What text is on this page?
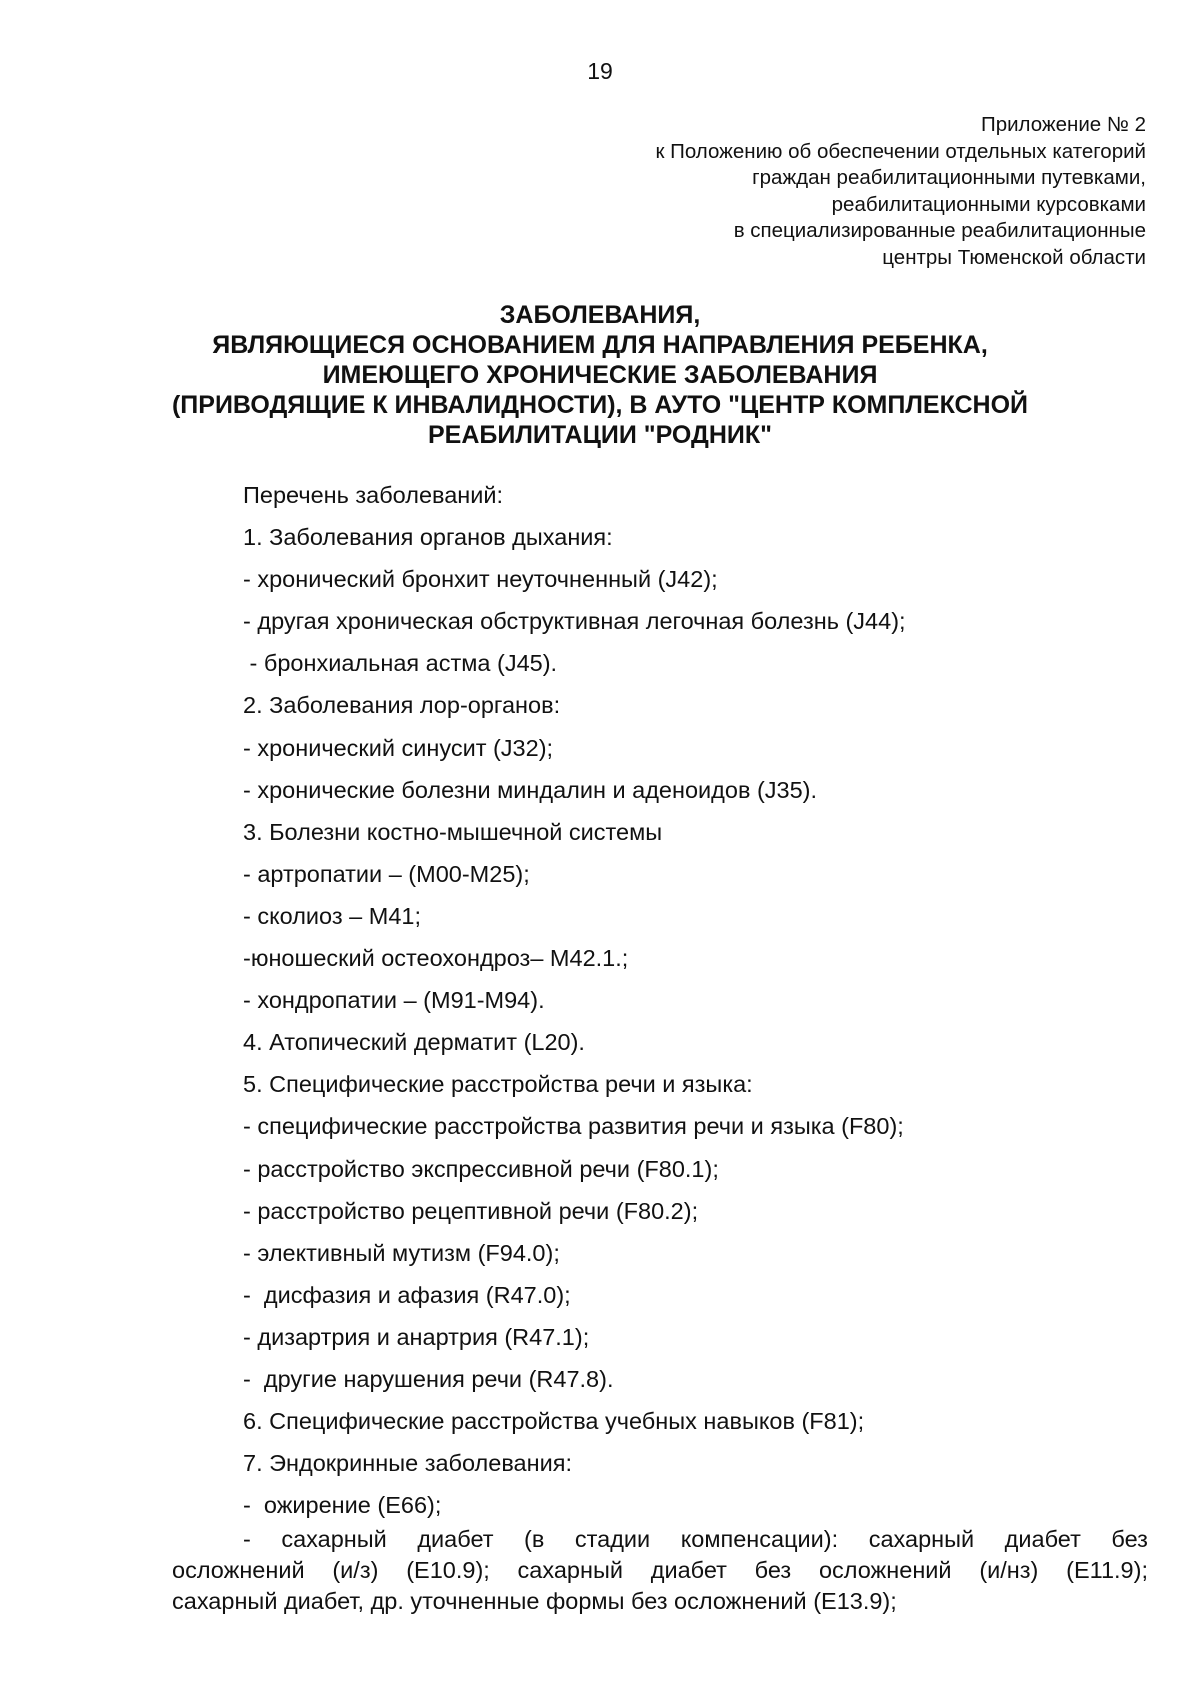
19
Приложение № 2
к Положению об обеспечении отдельных категорий
граждан реабилитационными путевками,
реабилитационными курсовками
в специализированные реабилитационные
центры Тюменской области
ЗАБОЛЕВАНИЯ,
ЯВЛЯЮЩИЕСЯ ОСНОВАНИЕМ ДЛЯ НАПРАВЛЕНИЯ РЕБЕНКА,
ИМЕЮЩЕГО ХРОНИЧЕСКИЕ ЗАБОЛЕВАНИЯ
(ПРИВОДЯЩИЕ К ИНВАЛИДНОСТИ), В АУТО "ЦЕНТР КОМПЛЕКСНОЙ
РЕАБИЛИТАЦИИ "РОДНИК"
Перечень заболеваний:
1. Заболевания органов дыхания:
- хронический бронхит неуточненный (J42);
- другая хроническая обструктивная легочная болезнь (J44);
- бронхиальная астма (J45).
2. Заболевания лор-органов:
- хронический синусит (J32);
- хронические болезни миндалин и аденоидов (J35).
3. Болезни костно-мышечной системы
- артропатии – (М00-М25);
- сколиоз – М41;
-юношеский остеохондроз– М42.1.;
- хондропатии – (М91-М94).
4. Атопический дерматит (L20).
5. Специфические расстройства речи и языка:
- специфические расстройства развития речи и языка (F80);
- расстройство экспрессивной речи (F80.1);
- расстройство рецептивной речи (F80.2);
- элективный мутизм (F94.0);
-  дисфазия и афазия (R47.0);
- дизартрия и анартрия (R47.1);
-  другие нарушения речи (R47.8).
6. Специфические расстройства учебных навыков (F81);
7. Эндокринные заболевания:
-  ожирение (E66);
- сахарный диабет (в стадии компенсации): сахарный диабет без
осложнений (и/з) (E10.9); сахарный диабет без осложнений (и/нз) (E11.9);
сахарный диабет, др. уточненные формы без осложнений (E13.9);
